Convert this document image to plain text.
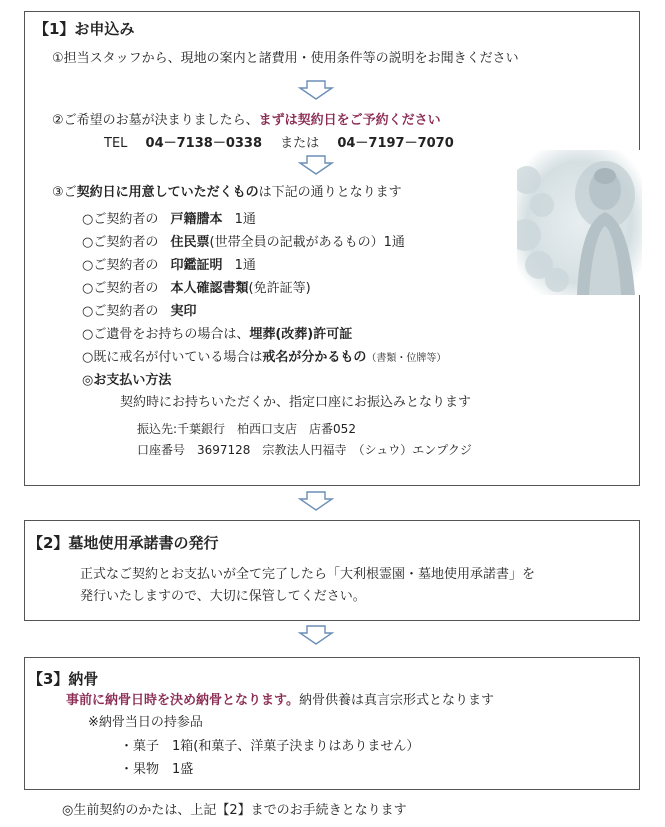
【1】お申込み
①担当スタッフから、現地の案内と諸費用・使用条件等の説明をお聞きください
②ご希望のお墓が決まりましたら、まずは契約日をご予約ください
TEL 04－7138－0338 または 04－7197－7070
③ご契約日に用意していただくものは下記の通りとなります
○ご契約者の 戸籍謄本 1通
○ご契約者の 住民票(世帯全員の記載があるもの）1通
○ご契約者の 印鑑証明 1通
○ご契約者の 本人確認書類(免許証等)
○ご契約者の 実印
○ご遺骨をお持ちの場合は、埋葬(改葬)許可証
○既に戒名が付いている場合は戒名が分かるもの（書類・位牌等）
◎お支払い方法
契約時にお持ちいただくか、指定口座にお振込みとなります
振込先:千葉銀行　柏西口支店　店番052
口座番号　3697128　宗教法人円福寺　（シュウ）エンプクジ
【2】墓地使用承諾書の発行
正式なご契約とお支払いが全て完了したら「大利根霊園・墓地使用承諾書」を
発行いたしますので、大切に保管してください。
【3】納骨
事前に納骨日時を決め納骨となります。納骨供養は真言宗形式となります
※納骨当日の持参品
・菓子　1箱(和菓子、洋菓子決まりはありません）
・果物　1盛
◎生前契約のかたは、上記【2】までのお手続きとなります
